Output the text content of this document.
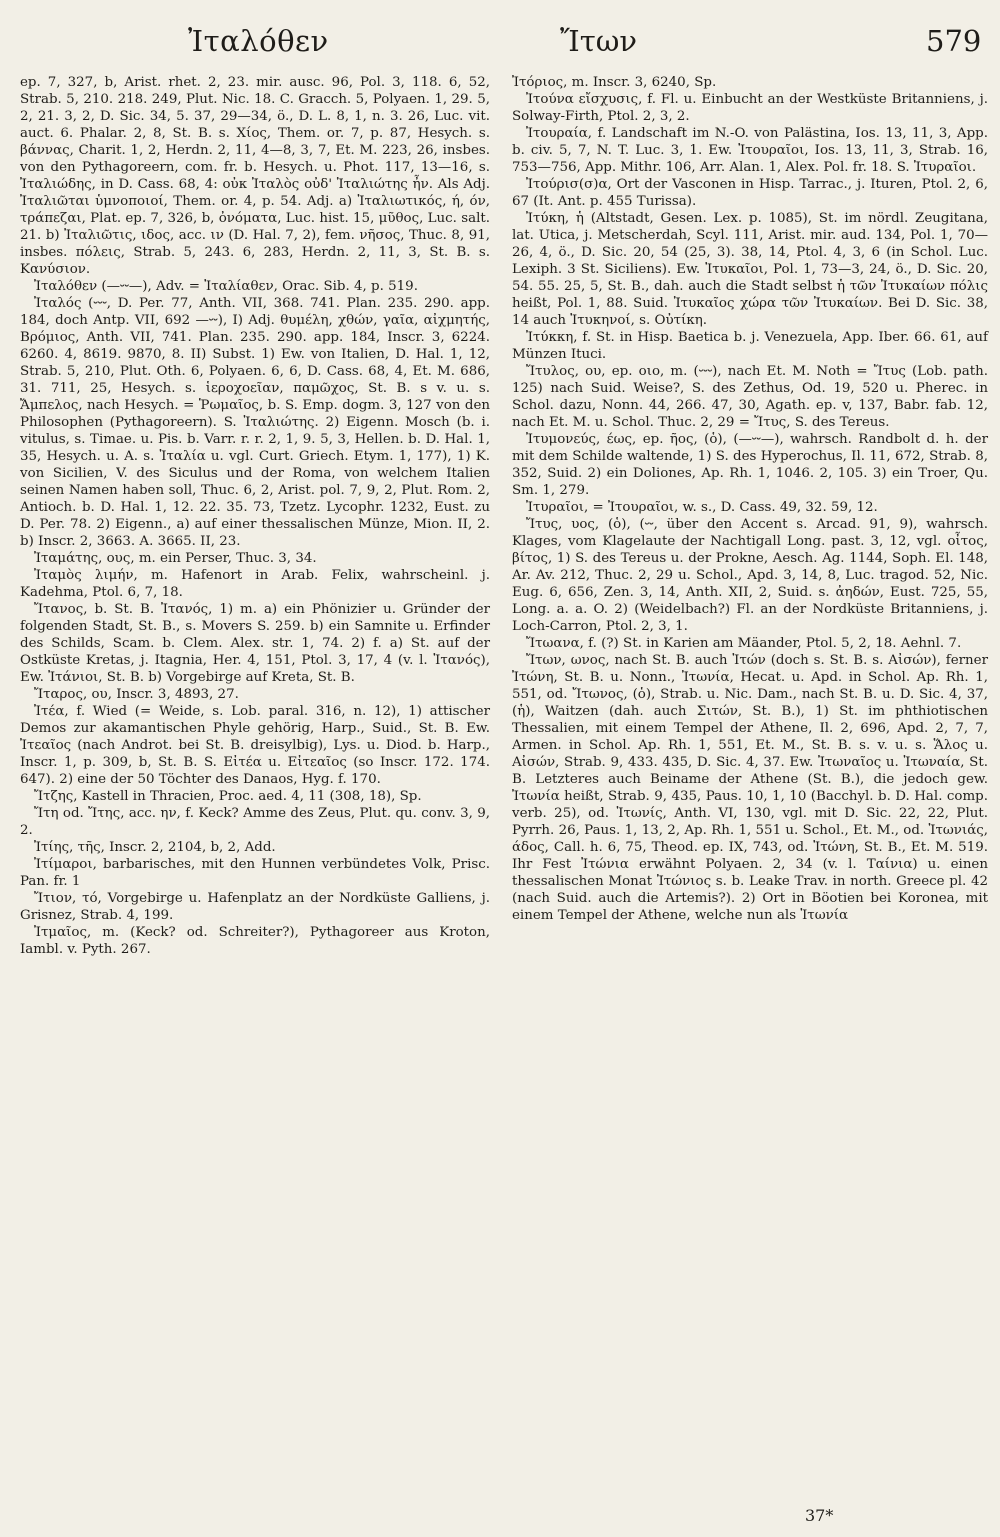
Ἰταλόθεν	Ἴτων	579

ep. 7, 327, b, Arist. rhet. 2, 23. mir. ausc. 96, Pol. 3, 118. 6, 52, Strab. 5, 210. 218. 249, Plut. Nic. 18. C. Gracch. 5, Polyaen. 1, 29. 5, 2, 21. 3, 2, D. Sic. 34, 5. 37, 29—34, ö., D. L. 8, 1, n. 3. 26, Luc. vit. auct. 6. Phalar. 2, 8, St. B. s. Χίος, Them. or. 7, p. 87, Hesych. s. βάννας, Charit. 1, 2, Herdn. 2, 11, 4—8, 3, 7, Et. M. 223, 26, insbes. von den Pythagoreern, com. fr. b. Hesych. u. Phot. 117, 13—16, s. Ἰταλιώδης, in D. Cass. 68, 4: οὐκ Ἰταλὸς οὐδ' Ἰταλιώτης ἦν. Als Adj. Ἰταλιῶται ὑμνοποιοί, Them. or. 4, p. 54. Adj. a) Ἰταλιωτικός, ή, όν, τράπεζαι, Plat. ep. 7, 326, b, ὀνόματα, Luc. hist. 15, μῦθος, Luc. salt. 21. b) Ἰταλιῶτις, ιδος, acc. ιν (D. Hal. 7, 2), fem. νῆσος, Thuc. 8, 91, insbes. πόλεις, Strab. 5, 243. 6, 283, Herdn. 2, 11, 3, St. B. s. Κανύσιον.

Ἰταλόθεν (—⏑⏑—), Adv. = Ἰταλίαθεν, Orac. Sib. 4, p. 519.

Ἰταλός (⏑⏑⏑, D. Per. 77, Anth. VII, 368. 741. Plan. 235. 290. app. 184, doch Antp. VII, 692 —⏑⏑), I) Adj. θυμέλη, χθών, γαῖα, αἰχμητής, Βρόμιος, Anth. VII, 741. Plan. 235. 290. app. 184, Inscr. 3, 6224. 6260. 4, 8619. 9870, 8. II) Subst. 1) Ew. von Italien, D. Hal. 1, 12, Strab. 5, 210, Plut. Oth. 6, Polyaen. 6, 6, D. Cass. 68, 4, Et. M. 686, 31. 711, 25, Hesych. s. ἱεροχοεῖαν, παμῶχος, St. B. s v. u. s. Ἄμπελος, nach Hesych. = Ῥωμαῖος, b. S. Emp. dogm. 3, 127 von den Philosophen (Pythagoreern). S. Ἰταλιώτης. 2) Eigenn. Mosch (b. i. vitulus, s. Timae. u. Pis. b. Varr. r. r. 2, 1, 9. 5, 3, Hellen. b. D. Hal. 1, 35, Hesych. u. A. s. Ἰταλία u. vgl. Curt. Griech. Etym. 1, 177), 1) K. von Sicilien, V. des Siculus und der Roma, von welchem Italien seinen Namen haben soll, Thuc. 6, 2, Arist. pol. 7, 9, 2, Plut. Rom. 2, Antioch. b. D. Hal. 1, 12. 22. 35. 73, Tzetz. Lycophr. 1232, Eust. zu D. Per. 78. 2) Eigenn., a) auf einer thessalischen Münze, Mion. II, 2. b) Inscr. 2, 3663. A. 3665. II, 23.

Ἰταμάτης, ους, m. ein Perser, Thuc. 3, 34.

Ἰταμὸς λιμήν, m. Hafenort in Arab. Felix, wahrscheinl. j. Kadehma, Ptol. 6, 7, 18.

Ἴτανος, b. St. B. Ἰτανός, 1) m. a) ein Phönizier u. Gründer der folgenden Stadt, St. B., s. Movers S. 259. b) ein Samnite u. Erfinder des Schilds, Scam. b. Clem. Alex. str. 1, 74. 2) f. a) St. auf der Ostküste Kretas, j. Itagnia, Her. 4, 151, Ptol. 3, 17, 4 (v. l. Ἰτανός), Ew. Ἰτάνιοι, St. B. b) Vorgebirge auf Kreta, St. B.

Ἴταρος, ου, Inscr. 3, 4893, 27.

Ἰτέα, f. Wied (= Weide, s. Lob. paral. 316, n. 12), 1) attischer Demos zur akamantischen Phyle gehörig, Harp., Suid., St. B. Ew. Ἰτεαῖος (nach Androt. bei St. B. dreisylbig), Lys. u. Diod. b. Harp., Inscr. 1, p. 309, b, St. B. S. Εἰτέα u. Εἰτεαῖος (so Inscr. 172. 174. 647). 2) eine der 50 Töchter des Danaos, Hyg. f. 170.

Ἴτζης, Kastell in Thracien, Proc. aed. 4, 11 (308, 18), Sp.

Ἴτη od. Ἴτης, acc. ην, f. Keck? Amme des Zeus, Plut. qu. conv. 3, 9, 2.

Ἰτίης, τῆς, Inscr. 2, 2104, b, 2, Add.

Ἰτίμαροι, barbarisches, mit den Hunnen verbündetes Volk, Prisc. Pan. fr. 1

Ἴτιον, τό, Vorgebirge u. Hafenplatz an der Nordküste Galliens, j. Grisnez, Strab. 4, 199.

Ἰτμαῖος, m. (Keck? od. Schreiter?), Pythagoreer aus Kroton, Iambl. v. Pyth. 267.

Ἰτόριος, m. Inscr. 3, 6240, Sp.

Ἰτούνα εἴσχυσις, f. Fl. u. Einbucht an der Westküste Britanniens, j. Solway-Firth, Ptol. 2, 3, 2.

Ἰτουραία, f. Landschaft im N.-O. von Palästina, Ios. 13, 11, 3, App. b. civ. 5, 7, N. T. Luc. 3, 1. Ew. Ἰτουραῖοι, Ios. 13, 11, 3, Strab. 16, 753—756, App. Mithr. 106, Arr. Alan. 1, Alex. Pol. fr. 18. S. Ἰτυραῖοι.

Ἰτούρισ(σ)α, Ort der Vasconen in Hisp. Tarrac., j. Ituren, Ptol. 2, 6, 67 (It. Ant. p. 455 Turissa).

Ἰτύκη, ἡ (Altstadt, Gesen. Lex. p. 1085), St. im nördl. Zeugitana, lat. Utica, j. Metscherdah, Scyl. 111, Arist. mir. aud. 134, Pol. 1, 70—26, 4, ö., D. Sic. 20, 54 (25, 3). 38, 14, Ptol. 4, 3, 6 (in Schol. Luc. Lexiph. 3 St. Siciliens). Ew. Ἰτυκαῖοι, Pol. 1, 73—3, 24, ö., D. Sic. 20, 54. 55. 25, 5, St. B., dah. auch die Stadt selbst ἡ τῶν Ἰτυκαίων πόλις heißt, Pol. 1, 88. Suid. Ἰτυκαῖος χώρα τῶν Ἰτυκαίων. Bei D. Sic. 38, 14 auch Ἰτυκηνοί, s. Οὐτίκη.

Ἰτύκκη, f. St. in Hisp. Baetica b. j. Venezuela, App. Iber. 66. 61, auf Münzen Ituci.

Ἴτυλος, ου, ep. οιο, m. (⏑⏑⏑), nach Et. M. Noth = Ἴτυς (Lob. path. 125) nach Suid. Weise?, S. des Zethus, Od. 19, 520 u. Pherec. in Schol. dazu, Nonn. 44, 266. 47, 30, Agath. ep. v, 137, Babr. fab. 12, nach Et. M. u. Schol. Thuc. 2, 29 = Ἴτυς, S. des Tereus.

Ἰτυμονεύς, έως, ep. ῆος, (ὁ), (—⏑⏑—), wahrsch. Randbolt d. h. der mit dem Schilde waltende, 1) S. des Hyperochus, Il. 11, 672, Strab. 8, 352, Suid. 2) ein Doliones, Ap. Rh. 1, 1046. 2, 105. 3) ein Troer, Qu. Sm. 1, 279.

Ἰτυραῖοι, = Ἰτουραῖοι, w. s., D. Cass. 49, 32. 59, 12.

Ἴτυς, υος, (ὁ), (⏑⏑, über den Accent s. Arcad. 91, 9), wahrsch. Klages, vom Klagelaute der Nachtigall Long. past. 3, 12, vgl. οἶτος, βίτος, 1) S. des Tereus u. der Prokne, Aesch. Ag. 1144, Soph. El. 148, Ar. Av. 212, Thuc. 2, 29 u. Schol., Apd. 3, 14, 8, Luc. tragod. 52, Nic. Eug. 6, 656, Zen. 3, 14, Anth. XII, 2, Suid. s. ἀηδών, Eust. 725, 55, Long. a. a. O. 2) (Weidelbach?) Fl. an der Nordküste Britanniens, j. Loch-Carron, Ptol. 2, 3, 1.

Ἴτωανα, f. (?) St. in Karien am Mäander, Ptol. 5, 2, 18. Aehnl. 7.

Ἴτων, ωνος, nach St. B. auch Ἰτών (doch s. St. B. s. Αἰσών), ferner Ἰτώνη, St. B. u. Nonn., Ἰτωνία, Hecat. u. Apd. in Schol. Ap. Rh. 1, 551, od. Ἴτωνος, (ὁ), Strab. u. Nic. Dam., nach St. B. u. D. Sic. 4, 37, (ἡ), Waitzen (dah. auch Σιτών, St. B.), 1) St. im phthiotischen Thessalien, mit einem Tempel der Athene, Il. 2, 696, Apd. 2, 7, 7, Armen. in Schol. Ap. Rh. 1, 551, Et. M., St. B. s. v. u. s. Ἅλος u. Αἰσών, Strab. 9, 433. 435, D. Sic. 4, 37. Ew. Ἰτωναῖος u. Ἰτωναία, St. B. Letzteres auch Beiname der Athene (St. B.), die jedoch gew. Ἰτωνία heißt, Strab. 9, 435, Paus. 10, 1, 10 (Bacchyl. b. D. Hal. comp. verb. 25), od. Ἰτωνίς, Anth. VI, 130, vgl. mit D. Sic. 22, 22, Plut. Pyrrh. 26, Paus. 1, 13, 2, Ap. Rh. 1, 551 u. Schol., Et. M., od. Ἰτωνιάς, άδος, Call. h. 6, 75, Theod. ep. IX, 743, od. Ἰτώνη, St. B., Et. M. 519. Ihr Fest Ἰτώνια erwähnt Polyaen. 2, 34 (v. l. Ταίνια) u. einen thessalischen Monat Ἰτώνιος s. b. Leake Trav. in north. Greece pl. 42 (nach Suid. auch die Artemis?). 2) Ort in Böotien bei Koronea, mit einem Tempel der Athene, welche nun als Ἰτωνία

37*
